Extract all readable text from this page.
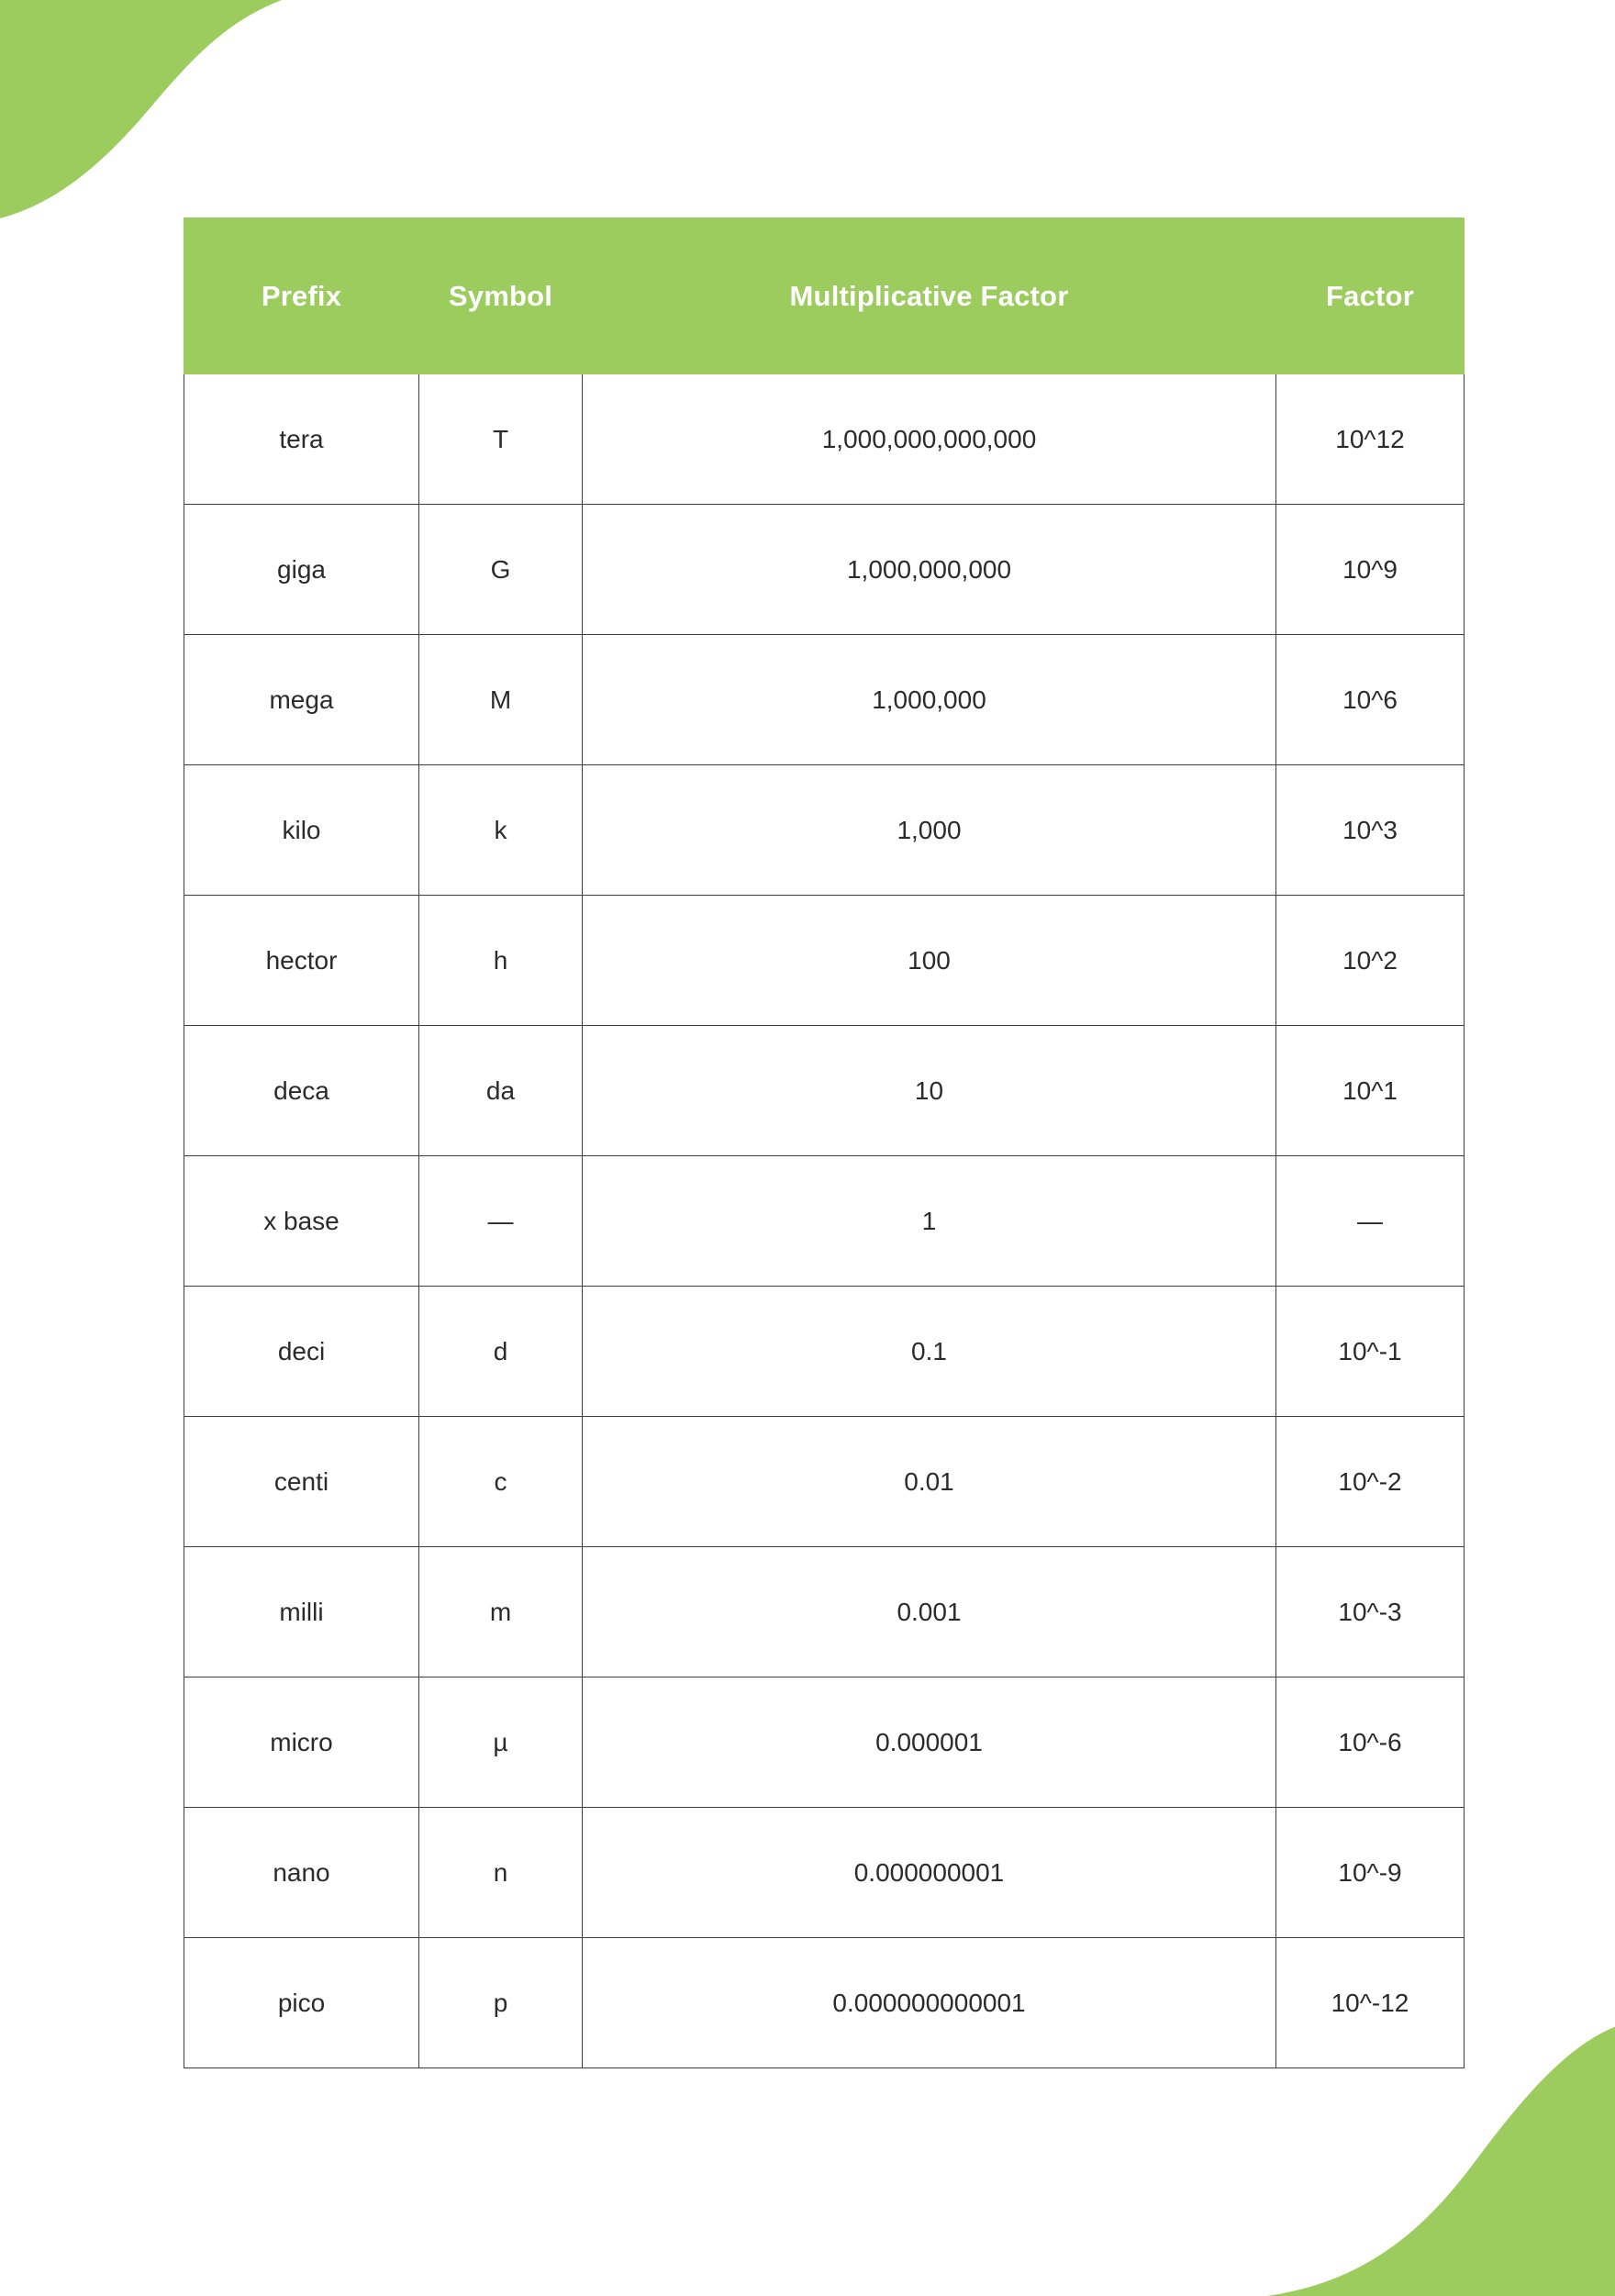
Prefix	Symbol	Multiplicative Factor	Factor
tera	T	1,000,000,000,000	10^12
giga	G	1,000,000,000	10^9
mega	M	1,000,000	10^6
kilo	k	1,000	10^3
hector	h	100	10^2
deca	da	10	10^1
x base	—	1	—
deci	d	0.1	10^-1
centi	c	0.01	10^-2
milli	m	0.001	10^-3
micro	µ	0.000001	10^-6
nano	n	0.000000001	10^-9
pico	p	0.000000000001	10^-12
